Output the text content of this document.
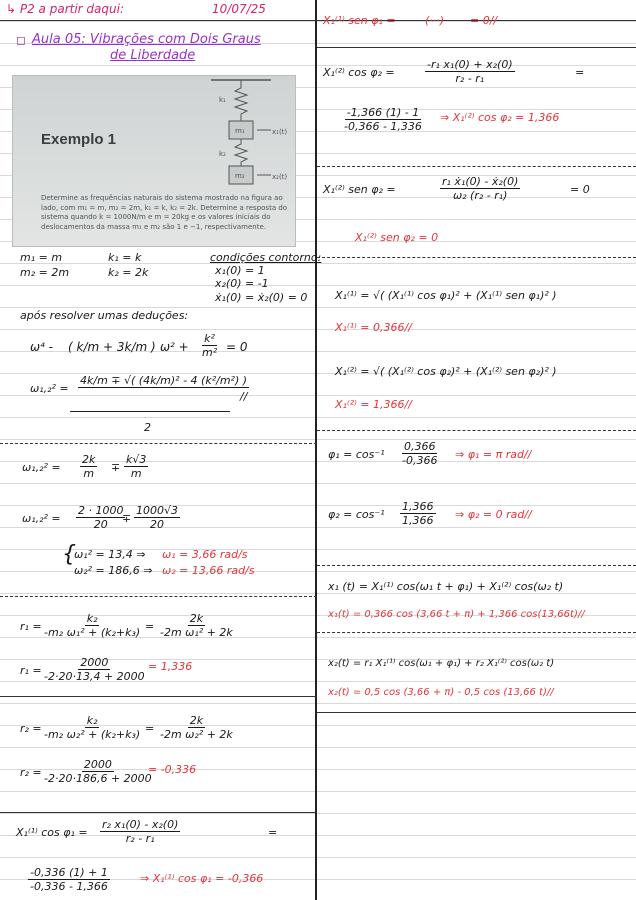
↳ P2 a partir daqui:	10/07/25
◻ Aula 05: Vibrações com Dois Graus
de Liberdade
Exemplo 1
k₁
m₁	x₁(t)
k₂
m₂	x₂(t)
Determine as frequências naturais do sistema mostrado na figura ao lado, com m₁ = m, m₂ = 2m, k₁ = k, k₂ = 2k. Determine a resposta do sistema quando k = 1000N/m e m = 20kg e os valores iniciais do deslocamentos da massa m₁ e m₂ são 1 e −1, respectivamente.
m₁ = m
m₂ = 2m
k₁ = k
k₂ = 2k
condições contorno:
x₁(0) = 1
x₂(0) = -1
ẋ₁(0) = ẋ₂(0) = 0
após resolver umas deduções:
ω⁴ - ( k/m + 3k/m ) $\omega^2 + \frac{\text{k²}}{\text{m²}} = 0$
ω₁,₂² =
4k/m ∓ √( (4k/m)² - 4 (k²/m²) )
//
2
$\omega_1,_2^2 = \frac{2k}{m} \mp \frac{k√3}{m}$
$\omega_1,_2^2 = \frac{2 \cdot 1000}{20}$
∓ $\frac{1000√3}{20}$
{
ω₁² = 13,4 ⇒ ω₁ = 3,66 rad/s
ω₂² = 186,6 ⇒ ω₂ = 13,66 rad/s
$r_1 = \frac{\text{k₂}}{\text{-m₂ ω₁² + (k₂+k₃)}} = \frac{2k}{\text{-2m ω₁² + 2k}}$
$r_1 = \frac{2000}{-2\cdot 20\cdot 13,4 + 2000} = 1,336$
$r_2 = \frac{\text{k₂}}{\text{-m₂ ω₂² + (k₂+k₃)}} = \frac{2k}{\text{-2m ω₂² + 2k}}$
$r_2 = \frac{2000}{-2\cdot 20\cdot 186,6 + 2000}$
= -0,336
X₁⁽¹⁾ $\cos \varphi_1 = \frac{\text{r₂ x₁(0) - x₂(0)}}{\text{r₂ - r₁}}$	=
$\frac{-0,336 (1) + 1}{-0,336 - 1,366}$	⇒ X₁⁽¹⁾ cos φ₁ = -0,366
X₁⁽¹⁾ sen φ₁ =	(···) = 0//
X₁⁽²⁾ cos φ₂ =	$\frac{\text{-r₁ x₁(0) + x₂(0)}}{\text{r₂ - r₁}}$	=
$\frac{-1,366 (1) - 1}{-0,366 - 1,336}$ ⇒ X₁⁽²⁾ cos φ₂ = 1,366
X₁⁽²⁾ sen φ₂ =	$\frac{\text{r₁ ẋ₁(0) - ẋ₂(0)}}{\text{ω₂ (r₂ - r₁)}}$	= 0
X₁⁽²⁾ sen φ₂ = 0
X₁⁽¹⁾ = √( (X₁⁽¹⁾ cos φ₁)² + (X₁⁽¹⁾ sen φ₁)² )
X₁⁽¹⁾ = 0,366//
X₁⁽²⁾ = √( (X₁⁽²⁾ cos φ₂)² + (X₁⁽²⁾ sen φ₂)² )
X₁⁽²⁾ = 1,366//
$\varphi_1 = \cos^{-1} \frac{0,366}{-0,366}$ ⇒ φ₁ = π rad//
$\varphi_2 = \cos^{-1} \frac{1,366}{1,366}$ ⇒ φ₂ = 0 rad//
x₁ (t) = X₁⁽¹⁾ cos(ω₁ t + φ₁) + X₁⁽²⁾ cos(ω₂ t)
x₁(t) = 0,366 cos (3,66 t + π) + 1,366 cos(13,66t)//
x₂(t) = r₁ X₁⁽¹⁾ cos(ω₁ + φ₁) + r₂ X₁⁽²⁾ cos(ω₂ t)
x₂(t) = 0,5 cos (3,66 + π) - 0,5 cos (13,66 t)//
